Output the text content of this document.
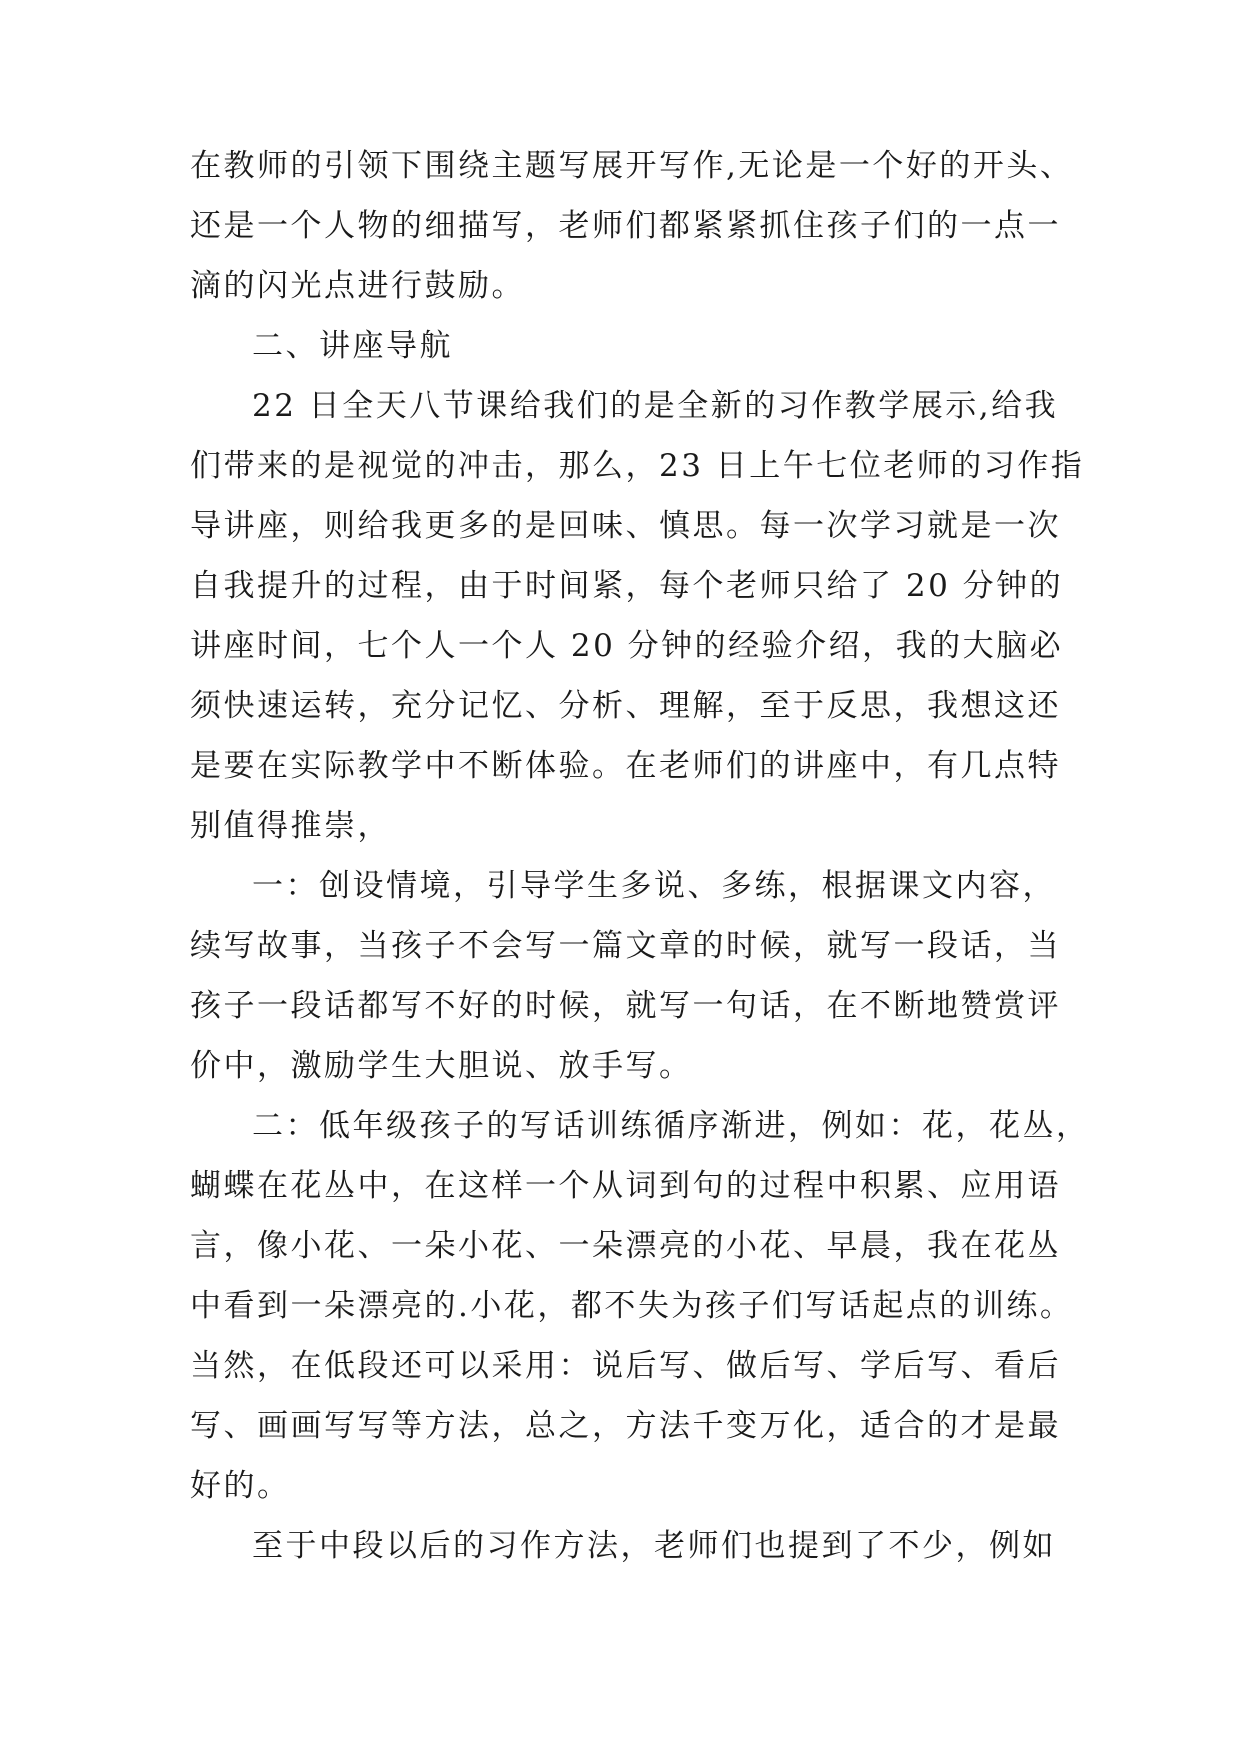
在教师的引领下围绕主题写展开写作,无论是一个好的开头、
还是一个人物的细描写，老师们都紧紧抓住孩子们的一点一
滴的闪光点进行鼓励。
二、讲座导航
22 日全天八节课给我们的是全新的习作教学展示,给我
们带来的是视觉的冲击，那么，23 日上午七位老师的习作指
导讲座，则给我更多的是回味、慎思。每一次学习就是一次
自我提升的过程，由于时间紧，每个老师只给了 20 分钟的
讲座时间，七个人一个人 20 分钟的经验介绍，我的大脑必
须快速运转，充分记忆、分析、理解，至于反思，我想这还
是要在实际教学中不断体验。在老师们的讲座中，有几点特
别值得推崇，
一：创设情境，引导学生多说、多练，根据课文内容，
续写故事，当孩子不会写一篇文章的时候，就写一段话，当
孩子一段话都写不好的时候，就写一句话，在不断地赞赏评
价中，激励学生大胆说、放手写。
二：低年级孩子的写话训练循序渐进，例如：花，花丛，
蝴蝶在花丛中，在这样一个从词到句的过程中积累、应用语
言，像小花、一朵小花、一朵漂亮的小花、早晨，我在花丛
中看到一朵漂亮的.小花，都不失为孩子们写话起点的训练。
当然，在低段还可以采用：说后写、做后写、学后写、看后
写、画画写写等方法，总之，方法千变万化，适合的才是最
好的。
至于中段以后的习作方法，老师们也提到了不少，例如
